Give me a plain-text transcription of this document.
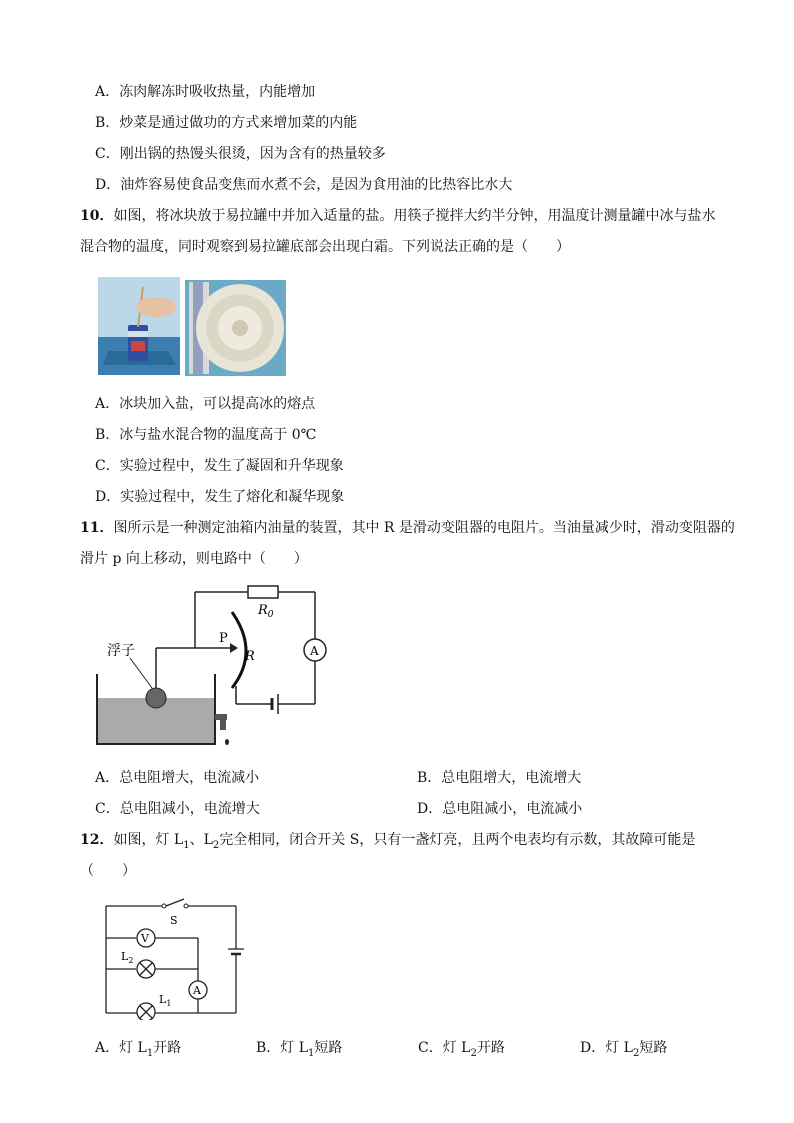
A．冻肉解冻时吸收热量，内能增加
B．炒菜是通过做功的方式来增加菜的内能
C．刚出锅的热馒头很烫，因为含有的热量较多
D．油炸容易使食品变焦而水煮不会，是因为食用油的比热容比水大
10．如图，将冰块放于易拉罐中并加入适量的盐。用筷子搅拌大约半分钟，用温度计测量罐中冰与盐水
混合物的温度，同时观察到易拉罐底部会出现白霜。下列说法正确的是（　　）
A．冰块加入盐，可以提高冰的熔点
B．冰与盐水混合物的温度高于 0℃
C．实验过程中，发生了凝固和升华现象
D．实验过程中，发生了熔化和凝华现象
11．图所示是一种测定油箱内油量的装置，其中 R 是滑动变阻器的电阻片。当油量减少时，滑动变阻器的
滑片 p 向上移动，则电路中（　　）
浮子
P
R
$R_0$
A
A．总电阻增大，电流减小	B．总电阻增大，电流增大
C．总电阻减小，电流增大	D．总电阻减小，电流减小
12．如图，灯 $L_1$、$L_2$完全相同，闭合开关 S，只有一盏灯亮，且两个电表均有示数，其故障可能是
（　　）
S
V
$L_2$
A
$L_1$
A．灯 $L_1$开路	B．灯 $L_1$短路	C．灯 $L_2$开路	D．灯 $L_2$短路
